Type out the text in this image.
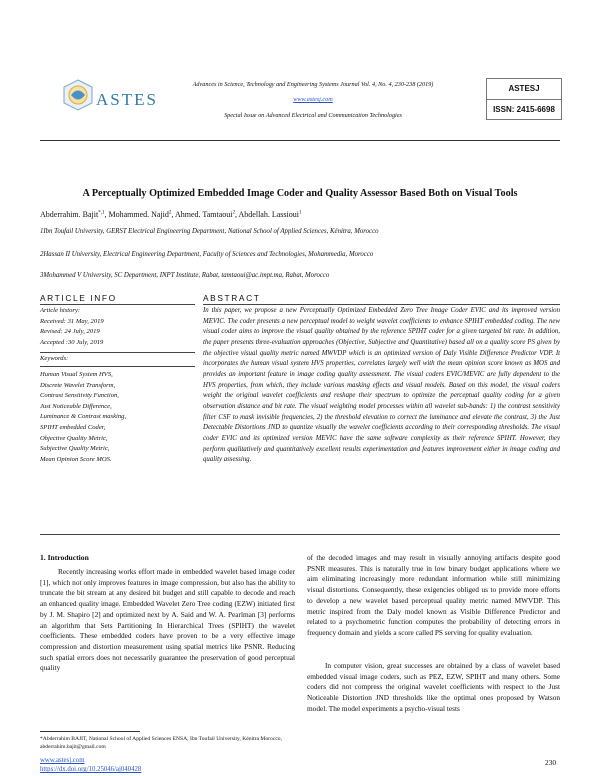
ASTES
Advances in Science, Technology and Engineering Systems Journal Vol. 4, No. 4, 230-238 (2019)
www.astesj.com
Special Issue on Advanced Electrical and Communication Technologies
ASTESJ
ISSN: 2415-6698
A Perceptually Optimized Embedded Image Coder and Quality Assessor Based Both on Visual Tools
Abderrahim. Bajit$^{*,1}$, Mohammed. Najid$^2$, Ahmed. Tamtaoui$^2$, Abdellah. Lassioui$^1$
1Ibn Toufail University, GERST Electrical Engineering Department, National School of Applied Sciences, Kénitra, Morocco
2Hassan II University, Electrical Engineering Department, Faculty of Sciences and Technologies, Mohammedia, Morocco
3Mohammed V University, SC Department, INPT Institute, Rabat, tamtaoui@ac.impt.ma, Rabat, Morocco
ARTICLE INFO	ABSTRACT
Article history:
Received: 31 May, 2019
Revised: 24 July, 2019
Accepted :30 July, 2019
Keywords:
Human Visual System HVS,
Discrete Wavelet Transform,
Contrast Sensitivity Function,
Just Noticeable Difference,
Luminance & Contrast masking,
SPIHT embedded Coder,
Objective Quality Metric,
Subjective Quality Metric,
Mean Opinion Score MOS.
In this paper, we propose a new Perceptually Optimized Embedded Zero Tree Image Coder EVIC and its improved version MEVIC. The coder presents a new perceptual model to weight wavelet coefficients to enhance SPIHT embedded coding. The new visual coder aims to improve the visual quality obtained by the reference SPIHT coder for a given targeted bit rate. In addition, the paper presents three-evaluation approaches (Objective, Subjective and Quantitative) based all on a quality score PS given by the objective visual quality metric named MWVDP which is an optimized version of Daly Visible Difference Predictor VDP. It incorporates the human visual system HVS properties, correlates largely well with the mean opinion score known as MOS and provides an important feature in image coding quality assessment. The visual coders EVIC/MEVIC are fully dependent to the HVS properties, from which, they include various masking effects and visual models. Based on this model, the visual coders weight the original wavelet coefficients and reshape their spectrum to optimize the perceptual quality coding for a given observation distance and bit rate. The visual weighting model processes within all wavelet sub-bands: 1) the contrast sensitivity filter CSF to mask invisible frequencies, 2) the threshold elevation to correct the luminance and elevate the contrast, 3) the Just Detectable Distortions JND to quantize visually the wavelet coefficients according to their corresponding thresholds. The visual coder EVIC and its optimized version MEVIC have the same software complexity as their reference SPIHT. However, they perform qualitatively and quantitatively excellent results experimentation and features improvement either in image coding and quality assessing.
1. Introduction
Recently increasing works effort made in embedded wavelet based image coder [1], which not only improves features in image compression, but also has the ability to truncate the bit stream at any desired bit budget and still capable to decode and reach an enhanced quality image. Embedded Wavelet Zero Tree coding (EZW) initiated first by J. M. Shapiro [2] and optimized next by A. Said and W. A. Pearlman [3] performs an algorithm that Sets Partitioning In Hierarchical Trees (SPIHT) the wavelet coefficients. These embedded coders have proven to be a very effective image compression and distortion measurement using spatial metrics like PSNR. Reducing such spatial errors does not necessarily guarantee the preservation of good perceptual quality
of the decoded images and may result in visually annoying artifacts despite good PSNR measures. This is naturally true in low binary budget applications where we aim eliminating increasingly more redundant information while still minimizing visual distortions. Consequently, these exigencies obliged us to provide more efforts to develop a new wavelet based perceptual quality metric named MWVDP. This metric inspired from the Daly model known as Visible Difference Predictor and related to a psychometric function computes the probability of detecting errors in frequency domain and yields a score called PS serving for quality evaluation.
In computer vision, great successes are obtained by a class of wavelet based embedded visual image coders, such as PEZ, EZW, SPIHT and many others. Some coders did not compress the original wavelet coefficients with respect to the Just Noticeable Distortion JND thresholds like the optimal ones proposed by Watson model. The model experiments a psycho-visual tests
*Abderrahim BAJIT, National School of Applied Sciences ENSA, Ibn Toufail University, Kénitra Morocco, abderrahim.bajit@gmail.com
www.astesj.com
https://dx.doi.org/10.25046/aj040428
230
